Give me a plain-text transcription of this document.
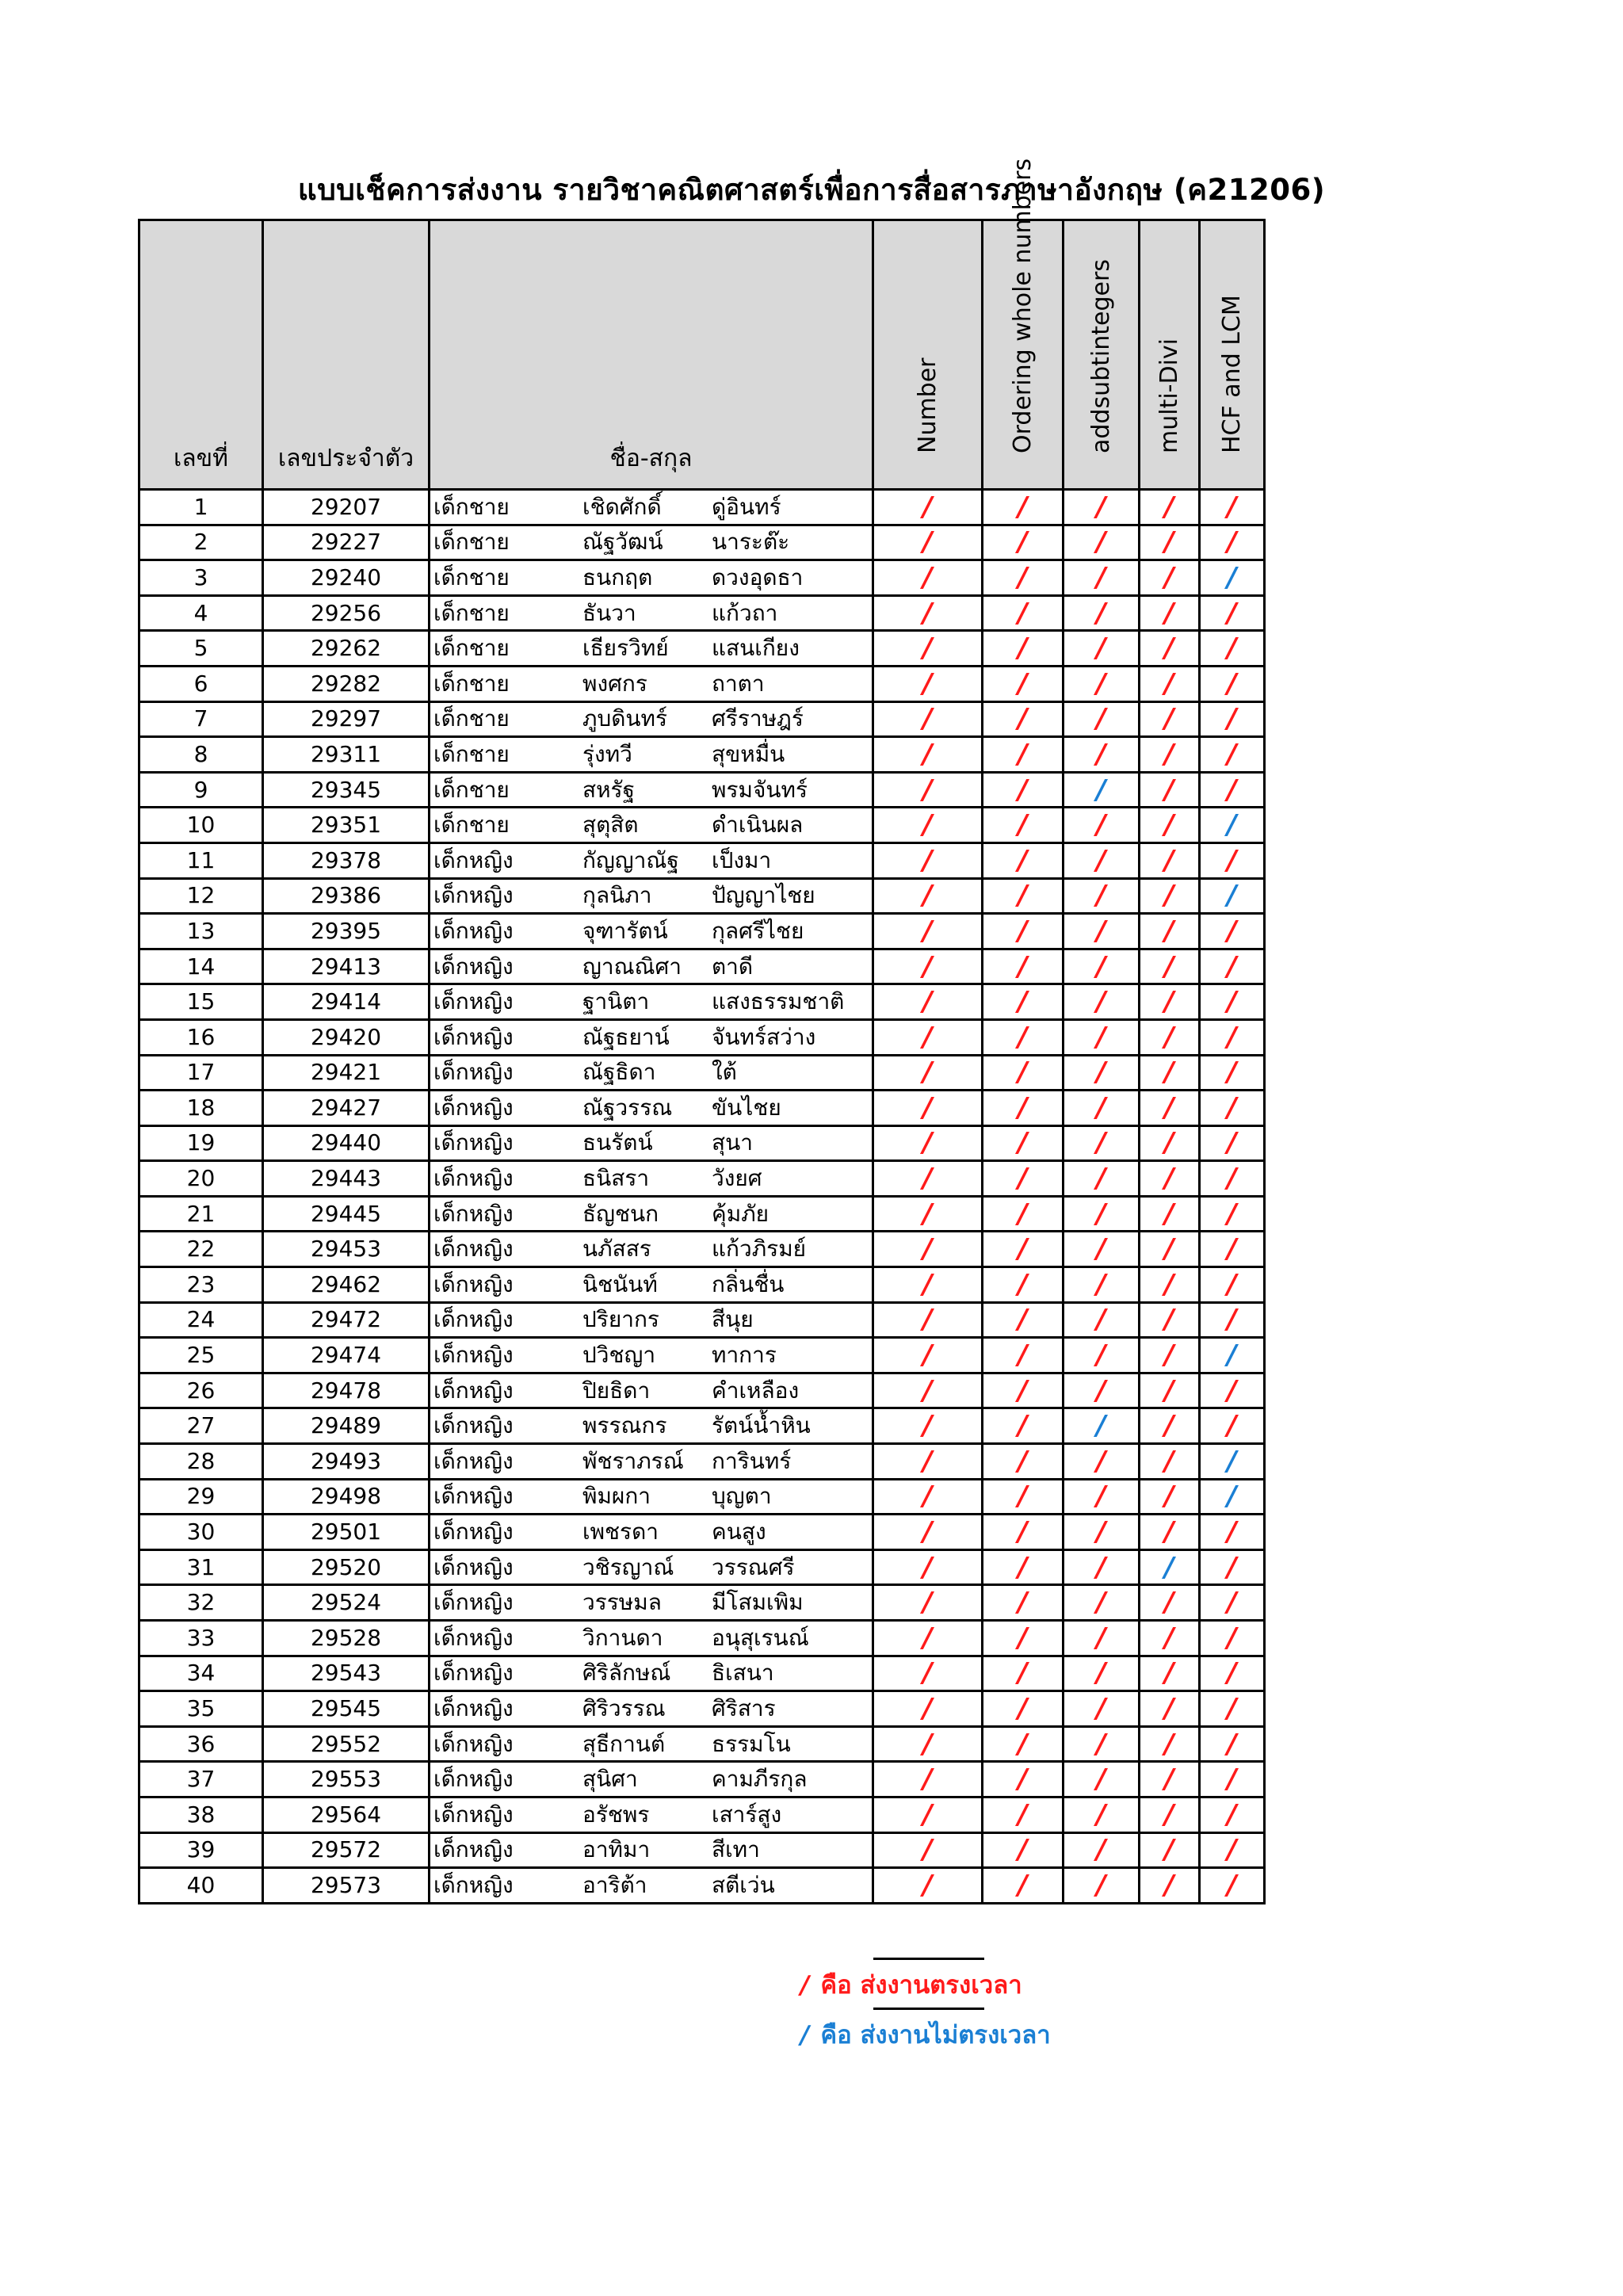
แบบเช็คการส่งงาน รายวิชาคณิตศาสตร์เพื่อการสื่อสารภาษาอังกฤษ (ค21206)
เลขที่	เลขประจำตัว	ชื่อ-สกุล	Number	Ordering whole numbers	addsubtintegers	multi-Divi	HCF and LCM

1	29207	เด็กชาย เชิดศักดิ์ ดู่อินทร์	/	/	/	/	/
2	29227	เด็กชาย ณัฐวัฒน์ นาระต๊ะ	/	/	/	/	/
3	29240	เด็กชาย ธนกฤต ดวงอุดธา	/	/	/	/	/
4	29256	เด็กชาย ธันวา แก้วถา	/	/	/	/	/
5	29262	เด็กชาย เธียรวิทย์ แสนเกียง	/	/	/	/	/
6	29282	เด็กชาย พงศกร ถาตา	/	/	/	/	/
7	29297	เด็กชาย ภูบดินทร์ ศรีราษฎร์	/	/	/	/	/
8	29311	เด็กชาย รุ่งทวี สุขหมื่น	/	/	/	/	/
9	29345	เด็กชาย สหรัฐ พรมจันทร์	/	/	/	/	/
10	29351	เด็กชาย สุตุสิต ดำเนินผล	/	/	/	/	/
11	29378	เด็กหญิง กัญญาณัฐ เป็งมา	/	/	/	/	/
12	29386	เด็กหญิง กุลนิภา ปัญญาไชย	/	/	/	/	/
13	29395	เด็กหญิง จุฑารัตน์ กุลศรีไชย	/	/	/	/	/
14	29413	เด็กหญิง ญาณณิศา ตาดี	/	/	/	/	/
15	29414	เด็กหญิง ฐานิตา แสงธรรมชาติ	/	/	/	/	/
16	29420	เด็กหญิง ณัฐธยาน์ จันทร์สว่าง	/	/	/	/	/
17	29421	เด็กหญิง ณัฐธิดา ใต้	/	/	/	/	/
18	29427	เด็กหญิง ณัฐวรรณ ขันไชย	/	/	/	/	/
19	29440	เด็กหญิง ธนรัตน์ สุนา	/	/	/	/	/
20	29443	เด็กหญิง ธนิสรา วังยศ	/	/	/	/	/
21	29445	เด็กหญิง ธัญชนก คุ้มภัย	/	/	/	/	/
22	29453	เด็กหญิง นภัสสร แก้วภิรมย์	/	/	/	/	/
23	29462	เด็กหญิง นิชนันท์ กลิ่นชื่น	/	/	/	/	/
24	29472	เด็กหญิง ปริยากร สีนุย	/	/	/	/	/
25	29474	เด็กหญิง ปวิชญา ทาการ	/	/	/	/	/
26	29478	เด็กหญิง ปิยธิดา คำเหลือง	/	/	/	/	/
27	29489	เด็กหญิง พรรณกร รัตน์น้ำหิน	/	/	/	/	/
28	29493	เด็กหญิง พัชราภรณ์ การินทร์	/	/	/	/	/
29	29498	เด็กหญิง พิมผกา บุญตา	/	/	/	/	/
30	29501	เด็กหญิง เพชรดา คนสูง	/	/	/	/	/
31	29520	เด็กหญิง วชิรญาณ์ วรรณศรี	/	/	/	/	/
32	29524	เด็กหญิง วรรษมล มีโสมเพิม	/	/	/	/	/
33	29528	เด็กหญิง วิกานดา อนุสุเรนณ์	/	/	/	/	/
34	29543	เด็กหญิง ศิริลักษณ์ ธิเสนา	/	/	/	/	/
35	29545	เด็กหญิง ศิริวรรณ ศิริสาร	/	/	/	/	/
36	29552	เด็กหญิง สุธีกานต์ ธรรมโน	/	/	/	/	/
37	29553	เด็กหญิง สุนิศา คามภีรกุล	/	/	/	/	/
38	29564	เด็กหญิง อรัชพร เสาร์สูง	/	/	/	/	/
39	29572	เด็กหญิง อาทิมา สีเทา	/	/	/	/	/
40	29573	เด็กหญิง อาริต้า สตีเว่น	/	/	/	/	/
/ คือ ส่งงานตรงเวลา
/ คือ ส่งงานไม่ตรงเวลา
